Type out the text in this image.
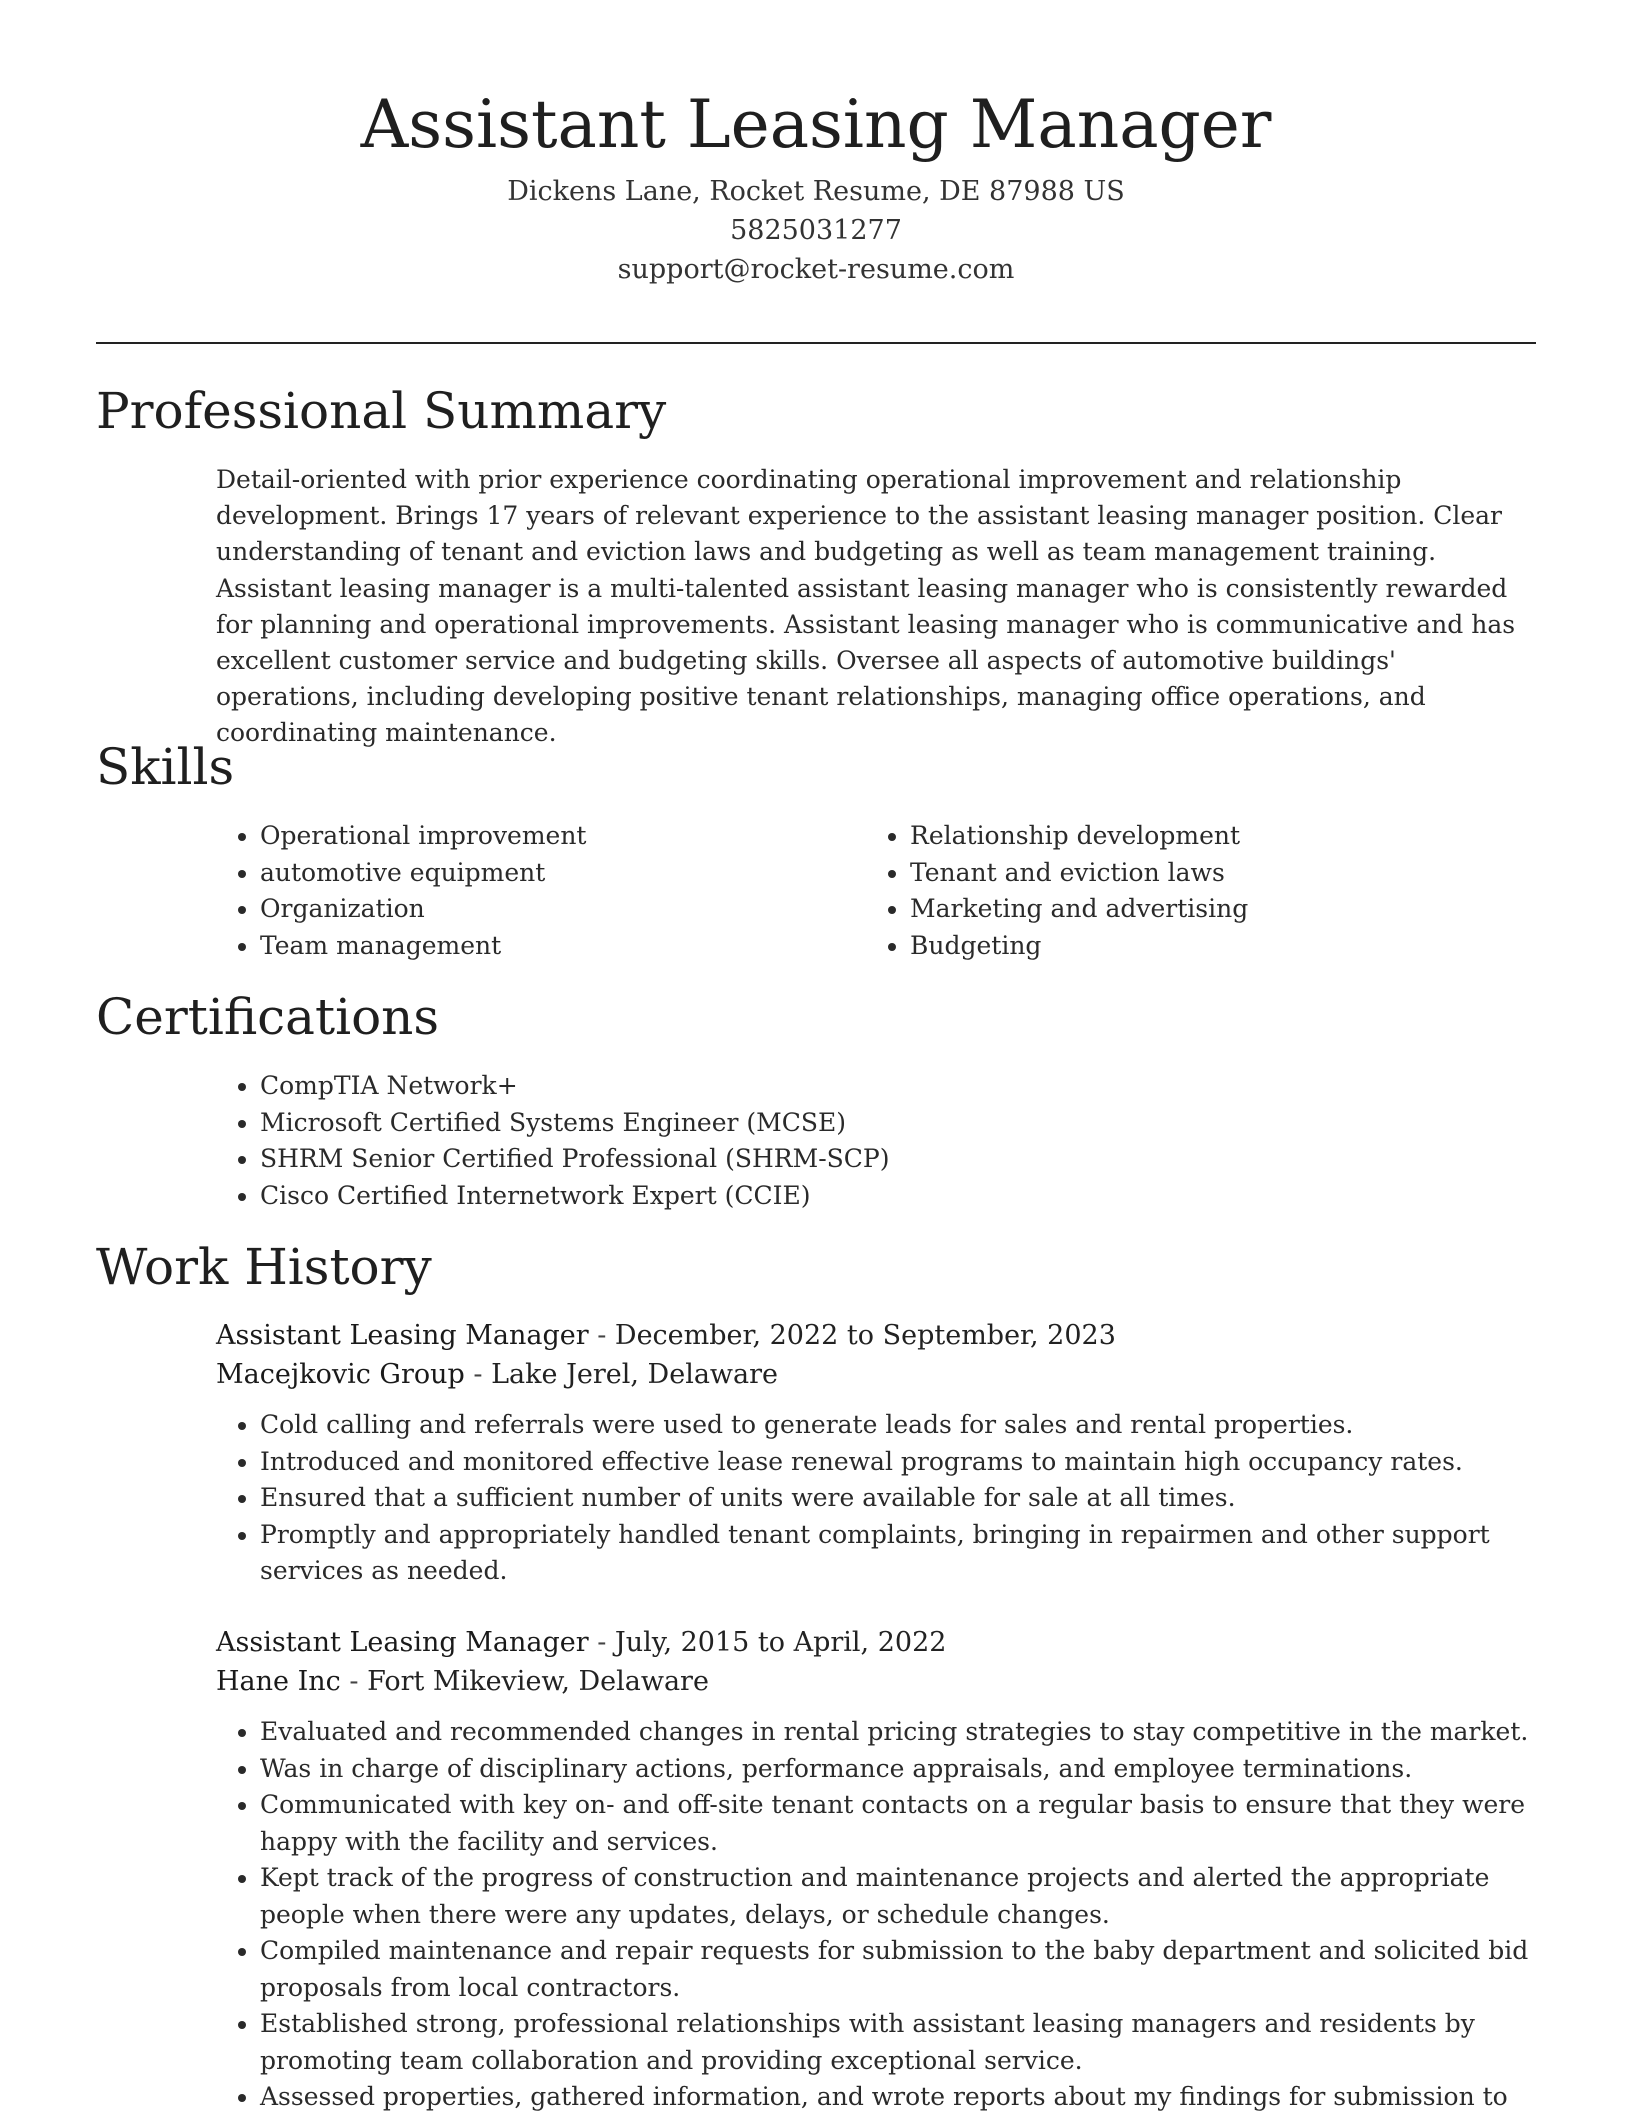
Assistant Leasing Manager
Dickens Lane, Rocket Resume, DE 87988 US
5825031277
support@rocket-resume.com
Professional Summary

Detail-oriented with prior experience coordinating operational improvement and relationship development. Brings 17 years of relevant experience to the assistant leasing manager position. Clear understanding of tenant and eviction laws and budgeting as well as team management training. Assistant leasing manager is a multi-talented assistant leasing manager who is consistently rewarded for planning and operational improvements. Assistant leasing manager who is communicative and has excellent customer service and budgeting skills. Oversee all aspects of automotive buildings' operations, including developing positive tenant relationships, managing office operations, and coordinating maintenance.

Skills
• Operational improvement
• automotive equipment
• Organization
• Team management
• Relationship development
• Tenant and eviction laws
• Marketing and advertising
• Budgeting
Certifications
• CompTIA Network+
• Microsoft Certified Systems Engineer (MCSE)
• SHRM Senior Certified Professional (SHRM-SCP)
• Cisco Certified Internetwork Expert (CCIE)
Work History
Assistant Leasing Manager - December, 2022 to September, 2023
Macejkovic Group - Lake Jerel, Delaware
• Cold calling and referrals were used to generate leads for sales and rental properties.
• Introduced and monitored effective lease renewal programs to maintain high occupancy rates.
• Ensured that a sufficient number of units were available for sale at all times.
• Promptly and appropriately handled tenant complaints, bringing in repairmen and other support services as needed.
Assistant Leasing Manager - July, 2015 to April, 2022
Hane Inc - Fort Mikeview, Delaware
• Evaluated and recommended changes in rental pricing strategies to stay competitive in the market.
• Was in charge of disciplinary actions, performance appraisals, and employee terminations.
• Communicated with key on- and off-site tenant contacts on a regular basis to ensure that they were happy with the facility and services.
• Kept track of the progress of construction and maintenance projects and alerted the appropriate people when there were any updates, delays, or schedule changes.
• Compiled maintenance and repair requests for submission to the baby department and solicited bid proposals from local contractors.
• Established strong, professional relationships with assistant leasing managers and residents by promoting team collaboration and providing exceptional service.
• Assessed properties, gathered information, and wrote reports about my findings for submission to
